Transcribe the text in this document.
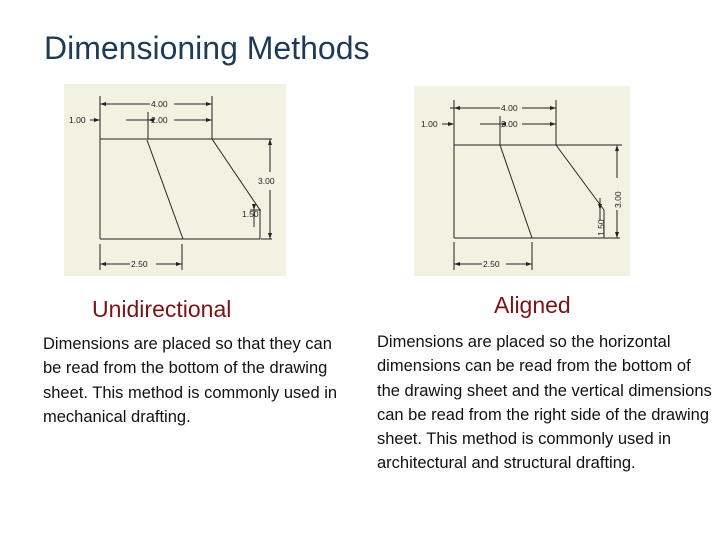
Dimensioning Methods
4.00
1.00	2.00
3.00
1.50
2.50
4.00
1.00	2.00
3.00
1.50
2.50
Unidirectional	Aligned
Dimensions are placed so that they can be read from the bottom of the drawing sheet. This method is commonly used in mechanical drafting.
Dimensions are placed so the horizontal dimensions can be read from the bottom of the drawing sheet and the vertical dimensions can be read from the right side of the drawing sheet. This method is commonly used in architectural and structural drafting.
